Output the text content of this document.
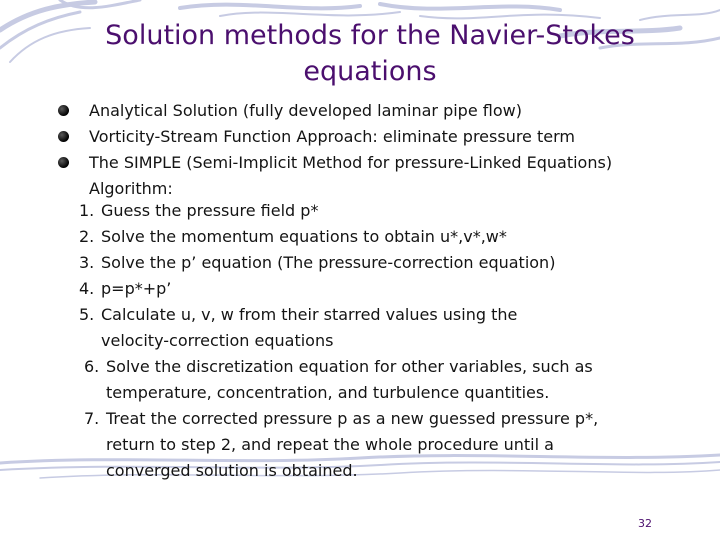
Solution methods for the Navier-Stokes equations
Analytical Solution (fully developed laminar pipe flow)
Vorticity-Stream Function Approach: eliminate pressure term
The SIMPLE (Semi-Implicit Method for pressure-Linked Equations) Algorithm:
1. Guess the pressure field p*
2. Solve the momentum equations to obtain u*,v*,w*
3. Solve the p’ equation (The pressure-correction equation)
4. p=p*+p’
5. Calculate u, v, w from their starred values using the
velocity-correction equations
6. Solve the discretization equation for other variables, such as
temperature, concentration, and turbulence quantities.
7. Treat the corrected pressure p as a new guessed pressure p*,
return to step 2, and repeat the whole procedure until a
converged solution is obtained.
32
